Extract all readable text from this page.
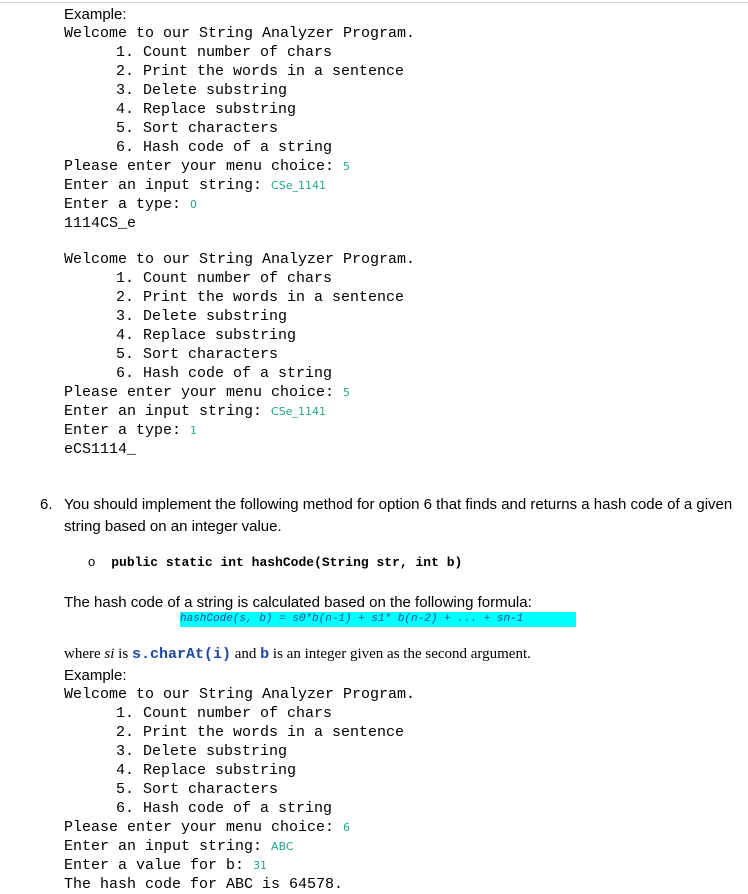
Example:
Welcome to our String Analyzer Program.
1. Count number of chars
2. Print the words in a sentence
3. Delete substring
4. Replace substring
5. Sort characters
6. Hash code of a string
Please enter your menu choice: 5
Enter an input string: CSe_1141
Enter a type: 0
1114CS_e
Welcome to our String Analyzer Program.
1. Count number of chars
2. Print the words in a sentence
3. Delete substring
4. Replace substring
5. Sort characters
6. Hash code of a string
Please enter your menu choice: 5
Enter an input string: CSe_1141
Enter a type: 1
eCS1114_
6. You should implement the following method for option 6 that finds and returns a hash code of a given string based on an integer value.
o public static int hashCode(String str, int b)
The hash code of a string is calculated based on the following formula:
hashCode(s, b) = s0*b(n-1) + s1* b(n-2) + ... + sn-1
where si is s.charAt(i) and b is an integer given as the second argument.
Example:
Welcome to our String Analyzer Program.
1. Count number of chars
2. Print the words in a sentence
3. Delete substring
4. Replace substring
5. Sort characters
6. Hash code of a string
Please enter your menu choice: 6
Enter an input string: ABC
Enter a value for b: 31
The hash code for ABC is 64578.
